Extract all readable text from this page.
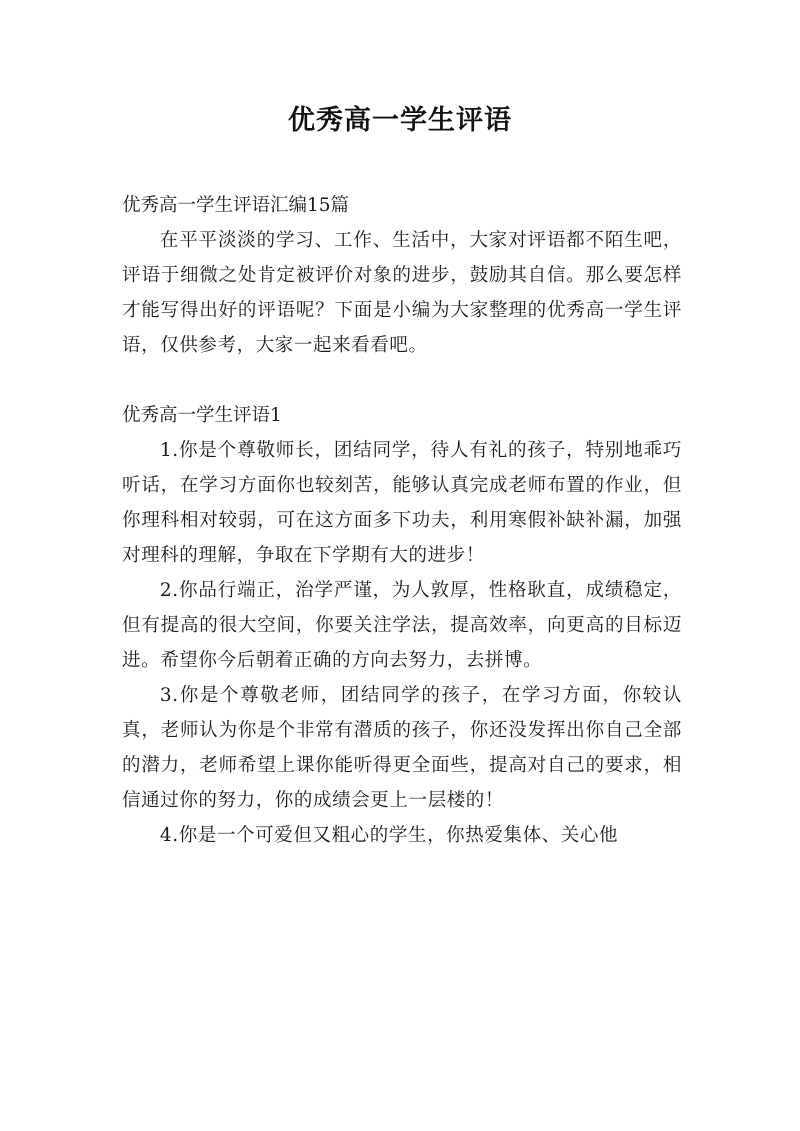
优秀高一学生评语

优秀高一学生评语汇编15篇

在平平淡淡的学习、工作、生活中，大家对评语都不陌生吧，评语于细微之处肯定被评价对象的进步，鼓励其自信。那么要怎样才能写得出好的评语呢？下面是小编为大家整理的优秀高一学生评语，仅供参考，大家一起来看看吧。

优秀高一学生评语1

1.你是个尊敬师长，团结同学，待人有礼的孩子，特别地乖巧听话，在学习方面你也较刻苦，能够认真完成老师布置的作业，但你理科相对较弱，可在这方面多下功夫，利用寒假补缺补漏，加强对理科的理解，争取在下学期有大的进步！

2.你品行端正，治学严谨，为人敦厚，性格耿直，成绩稳定，但有提高的很大空间，你要关注学法，提高效率，向更高的目标迈进。希望你今后朝着正确的方向去努力，去拼博。

3.你是个尊敬老师，团结同学的孩子，在学习方面，你较认真，老师认为你是个非常有潜质的孩子，你还没发挥出你自己全部的潜力，老师希望上课你能听得更全面些，提高对自己的要求，相信通过你的努力，你的成绩会更上一层楼的！

4.你是一个可爱但又粗心的学生，你热爱集体、关心他
